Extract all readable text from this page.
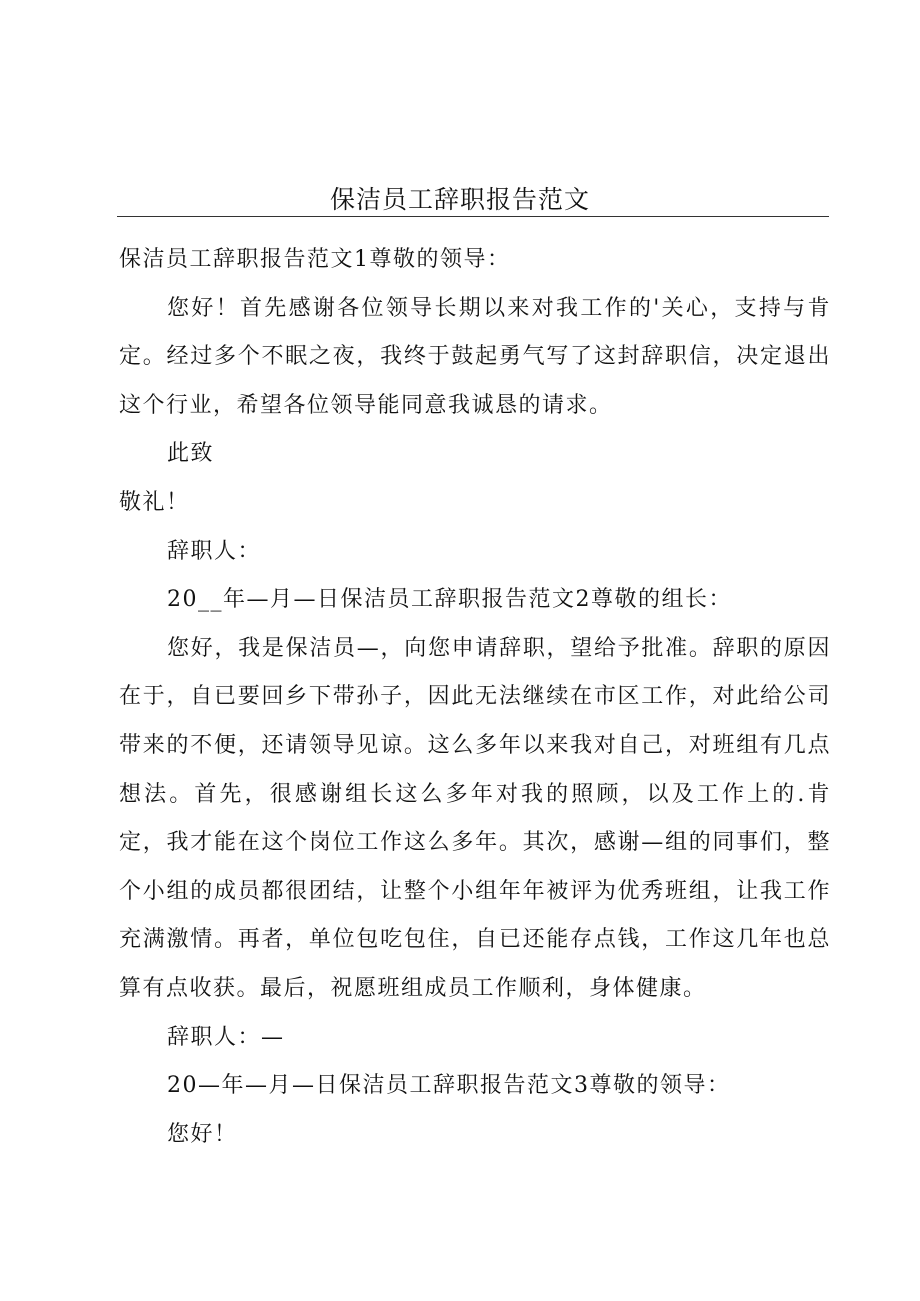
保洁员工辞职报告范文

保洁员工辞职报告范文1尊敬的领导：

您好！首先感谢各位领导长期以来对我工作的'关心，支持与肯定。经过多个不眠之夜，我终于鼓起勇气写了这封辞职信，决定退出这个行业，希望各位领导能同意我诚恳的请求。

此致

敬礼！

辞职人：

20__年—月—日保洁员工辞职报告范文2尊敬的组长：

您好，我是保洁员—，向您申请辞职，望给予批准。辞职的原因在于，自已要回乡下带孙子，因此无法继续在市区工作，对此给公司带来的不便，还请领导见谅。这么多年以来我对自己，对班组有几点想法。首先，很感谢组长这么多年对我的照顾，以及工作上的.肯定，我才能在这个岗位工作这么多年。其次，感谢—组的同事们，整个小组的成员都很团结，让整个小组年年被评为优秀班组，让我工作充满激情。再者，单位包吃包住，自已还能存点钱，工作这几年也总算有点收获。最后，祝愿班组成员工作顺利，身体健康。

辞职人：—

20—年—月—日保洁员工辞职报告范文3尊敬的领导：

您好！
